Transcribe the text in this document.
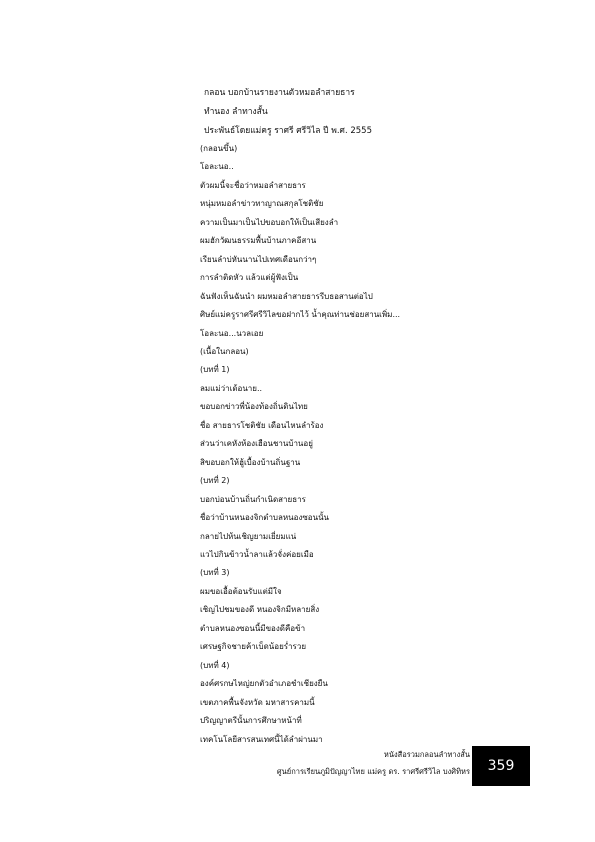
กลอน บอกบ้านรายงานตัวหมอลำสายธาร
ทำนอง ลำทางสั้น
ประพันธ์โดยแม่ครู ราศรี ศรีวิไล ปี พ.ศ. 2555
(กลอนขึ้น)
โอละนอ..
ตัวผมนี้จะชื่อว่าหมอลำสายธาร
หนุ่มหมอลำข่าวทาญาณสกุลโชติชัย
ความเป็นมาเป็นไปขอบอกให้เป็นเสียงลำ
ผมฮักวัฒนธรรมพื้นบ้านภาคอีสาน
เรียนลำบ่หันนานไปเทศเดือนกว่าๆ
การลำติดหัว แล้วแต่ผู้ฟังเป็น
ฉันฟังเห็นฉันนำ ผมหมอลำสายธารรีบธอสานต่อไป
ศิษย์แม่ครูราศรีศรีวิไลขอฝากไว้ น้ำคุณท่านช่อยสานเพิ่ม...
โอละนอ...นวลเอย
(เนื้อในกลอน)
(บทที่ 1)
ลมแม่ว่าเด้อนาย..
ขอบอกข่าวพี่น้องท้องถิ่นดินไทย
ชื่อ สายธารโชติชัย เดือนไหนลำร้อง
ส่วนว่าเคหังห้องเฮือนชานบ้านอยู่
สิขอบอกให้ฮู้เบื้องบ้านถิ่นฐาน
(บทที่ 2)
บอกบ่อนบ้านถิ่นกำเนิดสายธาร
ชื่อว่าบ้านหนองจิกตำบลหนองซอนนั้น
กลายไปห้นเชิญยามเยี่ยมแน่
แวไปกินข้าวน้ำลาแล้วจั่งค่อยเมือ
(บทที่ 3)
ผมขอเอื้อต้อนรับแต่มีใจ
เชิญไปชมของดี หนองจิกมีหลายสิ่ง
ตำบลหนองซอนนี้มีของดีคือข้า
เศรษฐกิจชายค้าเบ็ดน้อยร่ำรวย
(บทที่ 4)
องค์ศรกษไหญ่ยกตัวอำเภอชำเชียงยืน
เขตภาคพื้นจังหวัด มหาสารคามนี้
ปริญญาตรีนั้นการศึกษาหน้าที่
เทคโนโลยีสารสนเทศนี้ได้ลำผ่านมา
หนังสือรวมกลอนลำทางสั้น
ศูนย์การเรียนภูมิปัญญาไทย แม่ครู ดร. ราศรีศรีวิไล บงศิทิหร	359
